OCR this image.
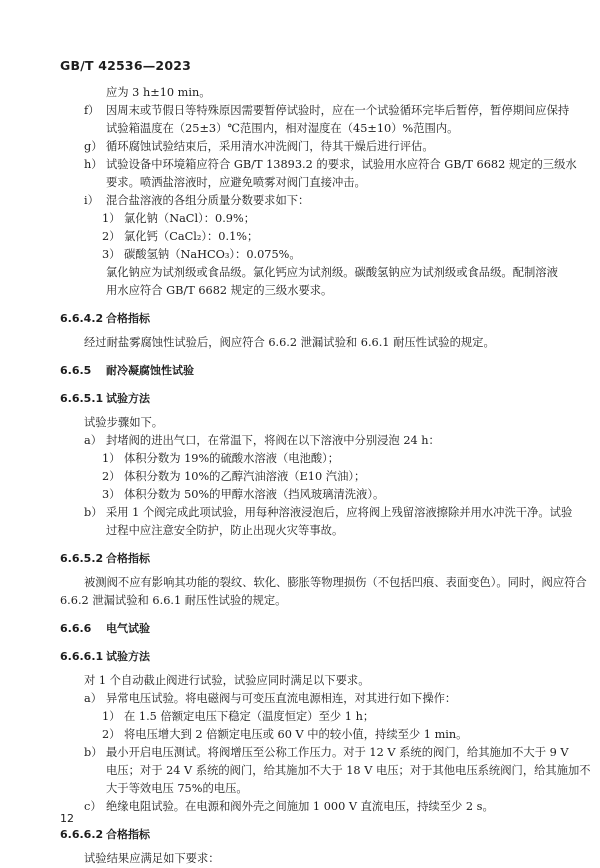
GB/T 42536—2023
应为 3 h±10 min。
f） 因周末或节假日等特殊原因需要暂停试验时，应在一个试验循环完毕后暂停，暂停期间应保持
试验箱温度在（25±3）℃范围内，相对湿度在（45±10）%范围内。
g） 循环腐蚀试验结束后，采用清水冲洗阀门，待其干燥后进行评估。
h） 试验设备中环境箱应符合 GB/T 13893.2 的要求，试验用水应符合 GB/T 6682 规定的三级水
要求。喷洒盐溶液时，应避免喷雾对阀门直接冲击。
i） 混合盐溶液的各组分质量分数要求如下：
1） 氯化钠（NaCl）：0.9%；
2） 氯化钙（CaCl₂）：0.1%；
3） 碳酸氢钠（NaHCO₃）：0.075%。
氯化钠应为试剂级或食品级。氯化钙应为试剂级。碳酸氢钠应为试剂级或食品级。配制溶液
用水应符合 GB/T 6682 规定的三级水要求。
6.6.4.2 合格指标
经过耐盐雾腐蚀性试验后，阀应符合 6.6.2 泄漏试验和 6.6.1 耐压性试验的规定。
6.6.5 耐冷凝腐蚀性试验
6.6.5.1 试验方法
试验步骤如下。
a） 封堵阀的进出气口，在常温下，将阀在以下溶液中分别浸泡 24 h：
1） 体积分数为 19%的硫酸水溶液（电池酸）；
2） 体积分数为 10%的乙醇汽油溶液（E10 汽油）；
3） 体积分数为 50%的甲醇水溶液（挡风玻璃清洗液）。
b） 采用 1 个阀完成此项试验，用每种溶液浸泡后，应将阀上残留溶液擦除并用水冲洗干净。试验
过程中应注意安全防护，防止出现火灾等事故。
6.6.5.2 合格指标
被测阀不应有影响其功能的裂纹、软化、膨胀等物理损伤（不包括凹痕、表面变色）。同时，阀应符合
6.6.2 泄漏试验和 6.6.1 耐压性试验的规定。
6.6.6 电气试验
6.6.6.1 试验方法
对 1 个自动截止阀进行试验，试验应同时满足以下要求。
a） 异常电压试验。将电磁阀与可变压直流电源相连，对其进行如下操作：
1） 在 1.5 倍额定电压下稳定（温度恒定）至少 1 h；
2） 将电压增大到 2 倍额定电压或 60 V 中的较小值，持续至少 1 min。
b） 最小开启电压测试。将阀增压至公称工作压力。对于 12 V 系统的阀门，给其施加不大于 9 V
电压；对于 24 V 系统的阀门，给其施加不大于 18 V 电压；对于其他电压系统阀门，给其施加不
大于等效电压 75%的电压。
c） 绝缘电阻试验。在电源和阀外壳之间施加 1 000 V 直流电压，持续至少 2 s。
6.6.6.2 合格指标
试验结果应满足如下要求：
12
